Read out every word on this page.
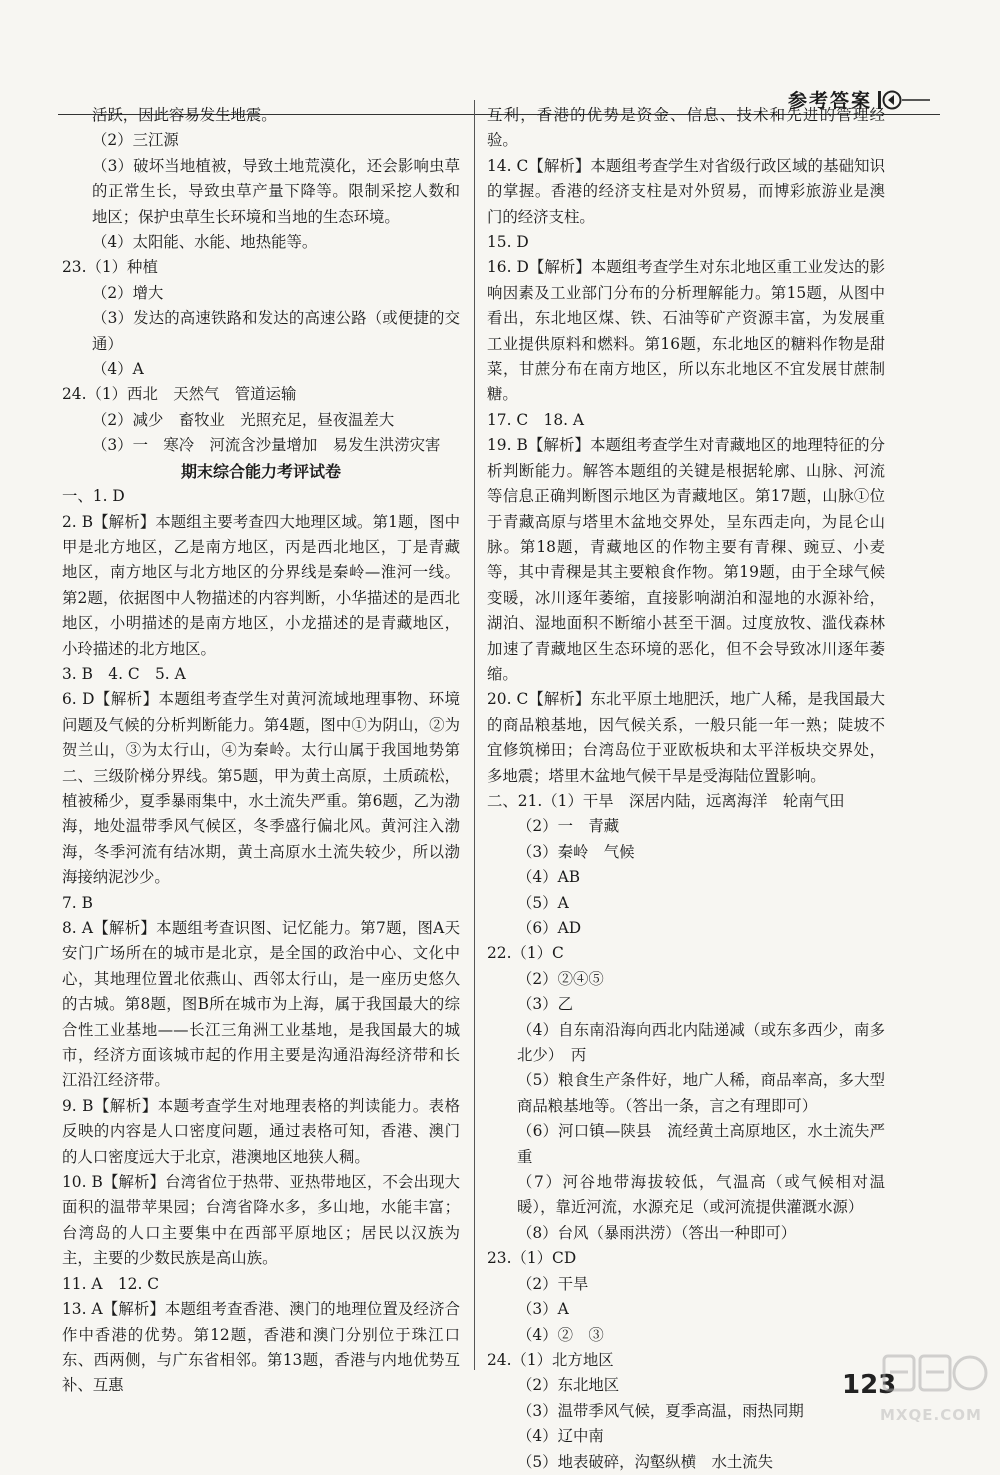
参考答案

活跃，因此容易发生地震。

（2）三江源

（3）破坏当地植被，导致土地荒漠化，还会影响虫草的正常生长，导致虫草产量下降等。限制采挖人数和地区；保护虫草生长环境和当地的生态环境。

（4）太阳能、水能、地热能等。

23.（1）种植

（2）增大

（3）发达的高速铁路和发达的高速公路（或便捷的交通）

（4）A

24.（1）西北　天然气　管道运输

（2）减少　畜牧业　光照充足，昼夜温差大

（3）一　寒冷　河流含沙量增加　易发生洪涝灾害

期末综合能力考评试卷

一、1. D

2. B【解析】本题组主要考查四大地理区域。第1题，图中甲是北方地区，乙是南方地区，丙是西北地区，丁是青藏地区，南方地区与北方地区的分界线是秦岭—淮河一线。第2题，依据图中人物描述的内容判断，小华描述的是西北地区，小明描述的是南方地区，小龙描述的是青藏地区，小玲描述的北方地区。

3. B　4. C　5. A

6. D【解析】本题组考查学生对黄河流域地理事物、环境问题及气候的分析判断能力。第4题，图中①为阴山，②为贺兰山，③为太行山，④为秦岭。太行山属于我国地势第二、三级阶梯分界线。第5题，甲为黄土高原，土质疏松，植被稀少，夏季暴雨集中，水土流失严重。第6题，乙为渤海，地处温带季风气候区，冬季盛行偏北风。黄河注入渤海，冬季河流有结冰期，黄土高原水土流失较少，所以渤海接纳泥沙少。

7. B

8. A【解析】本题组考查识图、记忆能力。第7题，图A天安门广场所在的城市是北京，是全国的政治中心、文化中心，其地理位置北依燕山、西邻太行山，是一座历史悠久的古城。第8题，图B所在城市为上海，属于我国最大的综合性工业基地——长江三角洲工业基地，是我国最大的城市，经济方面该城市起的作用主要是沟通沿海经济带和长江沿江经济带。

9. B【解析】本题考查学生对地理表格的判读能力。表格反映的内容是人口密度问题，通过表格可知，香港、澳门的人口密度远大于北京，港澳地区地狭人稠。

10. B【解析】台湾省位于热带、亚热带地区，不会出现大面积的温带苹果园；台湾省降水多，多山地，水能丰富；台湾岛的人口主要集中在西部平原地区；居民以汉族为主，主要的少数民族是高山族。

11. A　12. C

13. A【解析】本题组考查香港、澳门的地理位置及经济合作中香港的优势。第12题，香港和澳门分别位于珠江口东、西两侧，与广东省相邻。第13题，香港与内地优势互补、互惠

互利，香港的优势是资金、信息、技术和先进的管理经验。

14. C【解析】本题组考查学生对省级行政区域的基础知识的掌握。香港的经济支柱是对外贸易，而博彩旅游业是澳门的经济支柱。

15. D

16. D【解析】本题组考查学生对东北地区重工业发达的影响因素及工业部门分布的分析理解能力。第15题，从图中看出，东北地区煤、铁、石油等矿产资源丰富，为发展重工业提供原料和燃料。第16题，东北地区的糖料作物是甜菜，甘蔗分布在南方地区，所以东北地区不宜发展甘蔗制糖。

17. C　18. A

19. B【解析】本题组考查学生对青藏地区的地理特征的分析判断能力。解答本题组的关键是根据轮廓、山脉、河流等信息正确判断图示地区为青藏地区。第17题，山脉①位于青藏高原与塔里木盆地交界处，呈东西走向，为昆仑山脉。第18题，青藏地区的作物主要有青稞、豌豆、小麦等，其中青稞是其主要粮食作物。第19题，由于全球气候变暖，冰川逐年萎缩，直接影响湖泊和湿地的水源补给，湖泊、湿地面积不断缩小甚至干涸。过度放牧、滥伐森林加速了青藏地区生态环境的恶化，但不会导致冰川逐年萎缩。

20. C【解析】东北平原土地肥沃，地广人稀，是我国最大的商品粮基地，因气候关系，一般只能一年一熟；陡坡不宜修筑梯田；台湾岛位于亚欧板块和太平洋板块交界处，多地震；塔里木盆地气候干旱是受海陆位置影响。

二、21.（1）干旱　深居内陆，远离海洋　轮南气田

（2）一　青藏

（3）秦岭　气候

（4）AB

（5）A

（6）AD

22.（1）C

（2）②④⑤

（3）乙

（4）自东南沿海向西北内陆递减（或东多西少，南多北少）　丙

（5）粮食生产条件好，地广人稀，商品率高，多大型商品粮基地等。（答出一条，言之有理即可）

（6）河口镇—陕县　流经黄土高原地区，水土流失严重

（7）河谷地带海拔较低，气温高（或气候相对温暖），靠近河流，水源充足（或河流提供灌溉水源）

（8）台风（暴雨洪涝）（答出一种即可）

23.（1）CD

（2）干旱

（3）A

（4）②　③

24.（1）北方地区

（2）东北地区

（3）温带季风气候，夏季高温，雨热同期

（4）辽中南

（5）地表破碎，沟壑纵横　水土流失

123
MXQE.COM
